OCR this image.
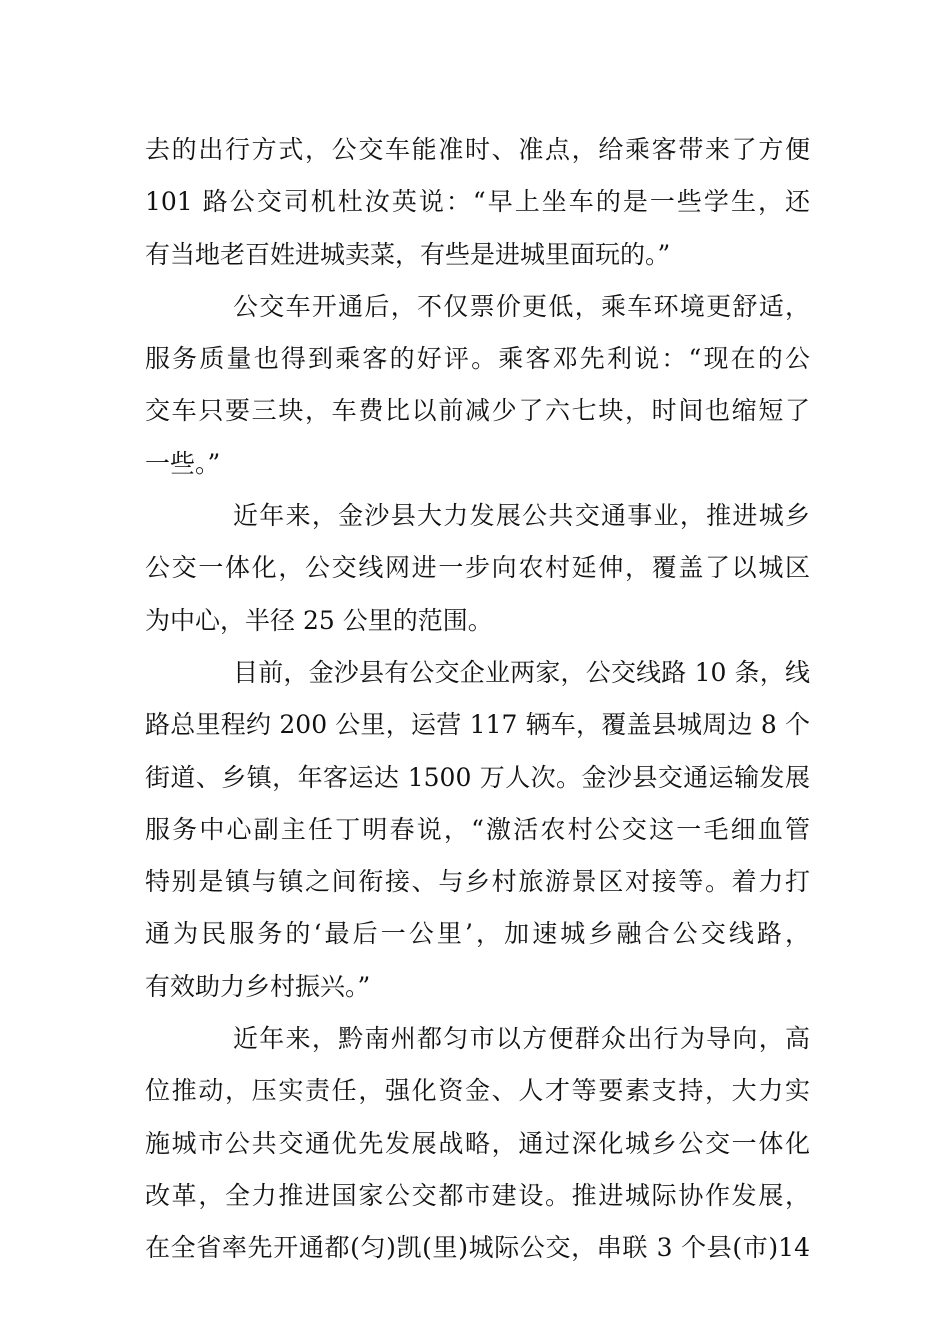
去的出行方式，公交车能准时、准点，给乘客带来了方便
101 路公交司机杜汝英说：“早上坐车的是一些学生，还
有当地老百姓进城卖菜，有些是进城里面玩的。”
公交车开通后，不仅票价更低，乘车环境更舒适，
服务质量也得到乘客的好评。乘客邓先利说：“现在的公
交车只要三块，车费比以前减少了六七块，时间也缩短了
一些。”
近年来，金沙县大力发展公共交通事业，推进城乡
公交一体化，公交线网进一步向农村延伸，覆盖了以城区
为中心，半径 25 公里的范围。
目前，金沙县有公交企业两家，公交线路 10 条，线
路总里程约 200 公里，运营 117 辆车，覆盖县城周边 8 个
街道、乡镇，年客运达 1500 万人次。金沙县交通运输发展
服务中心副主任丁明春说，“激活农村公交这一毛细血管
特别是镇与镇之间衔接、与乡村旅游景区对接等。着力打
通为民服务的‘最后一公里’，加速城乡融合公交线路，
有效助力乡村振兴。”
近年来，黔南州都匀市以方便群众出行为导向，高
位推动，压实责任，强化资金、人才等要素支持，大力实
施城市公共交通优先发展战略，通过深化城乡公交一体化
改革，全力推进国家公交都市建设。推进城际协作发展，
在全省率先开通都(匀)凯(里)城际公交，串联 3 个县(市)14
